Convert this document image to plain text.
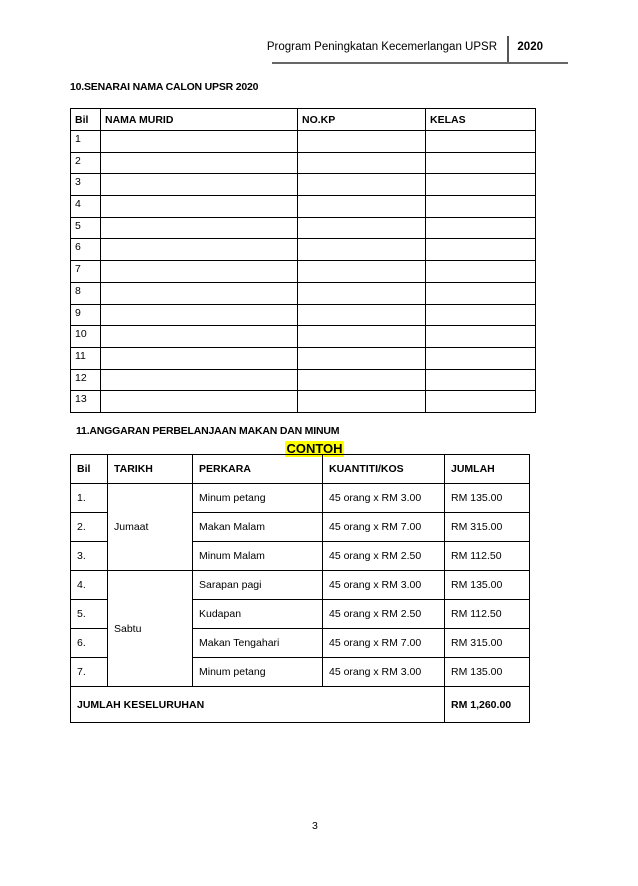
Program Peningkatan Kecemerlangan UPSR 2020
10.SENARAI NAMA CALON UPSR 2020
Bil	NAMA MURID	NO.KP	KELAS
1			
2			
3			
4			
5			
6			
7			
8			
9			
10			
11			
12			
13			
11.ANGGARAN PERBELANJAAN MAKAN DAN MINUM
CONTOH
Bil	TARIKH	PERKARA	KUANTITI/KOS	JUMLAH
1.	Jumaat	Minum petang	45 orang x RM 3.00	RM 135.00
2.		Makan Malam	45 orang x RM 7.00	RM 315.00
3.		Minum Malam	45 orang x RM 2.50	RM 112.50
4.	Sabtu	Sarapan pagi	45 orang x RM 3.00	RM 135.00
5.		Kudapan	45 orang x RM 2.50	RM 112.50
6.		Makan Tengahari	45 orang x RM 7.00	RM 315.00
7.		Minum petang	45 orang x RM 3.00	RM 135.00
JUMLAH KESELURUHAN				RM 1,260.00
3
